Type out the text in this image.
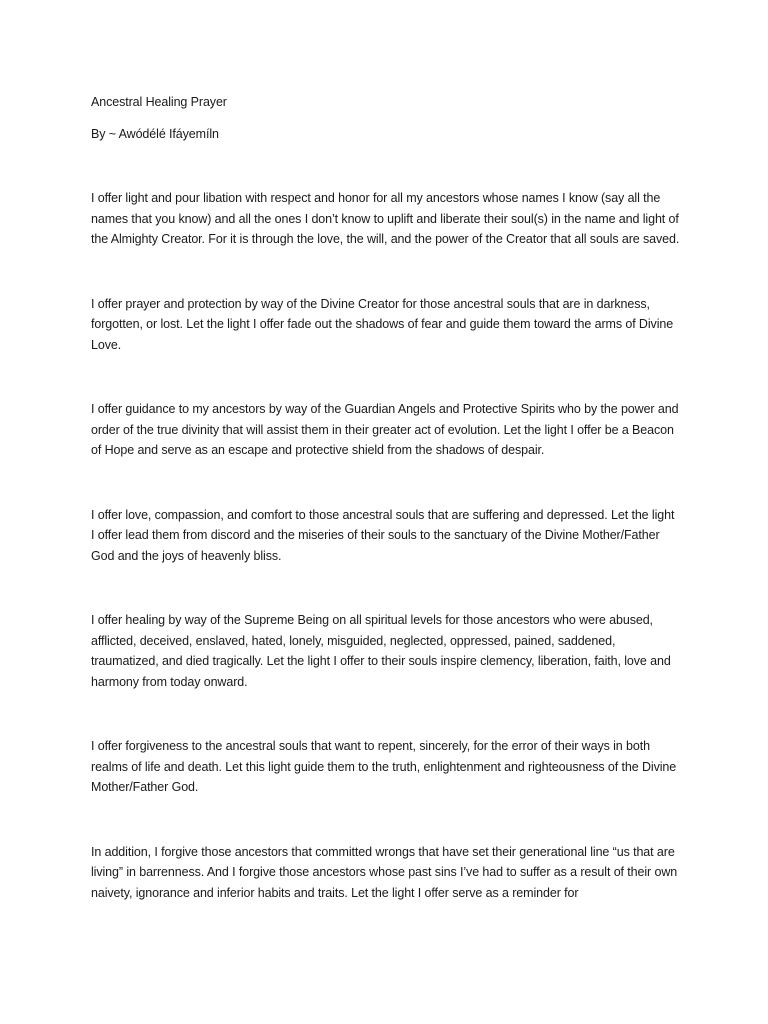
Ancestral Healing Prayer
By ~ Awódélé Ifáyemíln

I offer light and pour libation with respect and honor for all my ancestors whose names I know (say all the names that you know) and all the ones I don’t know to uplift and liberate their soul(s) in the name and light of the Almighty Creator. For it is through the love, the will, and the power of the Creator that all souls are saved.

I offer prayer and protection by way of the Divine Creator for those ancestral souls that are in darkness, forgotten, or lost. Let the light I offer fade out the shadows of fear and guide them toward the arms of Divine Love.

I offer guidance to my ancestors by way of the Guardian Angels and Protective Spirits who by the power and order of the true divinity that will assist them in their greater act of evolution. Let the light I offer be a Beacon of Hope and serve as an escape and protective shield from the shadows of despair.

I offer love, compassion, and comfort to those ancestral souls that are suffering and depressed. Let the light I offer lead them from discord and the miseries of their souls to the sanctuary of the Divine Mother/Father God and the joys of heavenly bliss.

I offer healing by way of the Supreme Being on all spiritual levels for those ancestors who were abused, afflicted, deceived, enslaved, hated, lonely, misguided, neglected, oppressed, pained, saddened, traumatized, and died tragically. Let the light I offer to their souls inspire clemency, liberation, faith, love and harmony from today onward.

I offer forgiveness to the ancestral souls that want to repent, sincerely, for the error of their ways in both realms of life and death. Let this light guide them to the truth, enlightenment and righteousness of the Divine Mother/Father God.

In addition, I forgive those ancestors that committed wrongs that have set their generational line “us that are living” in barrenness. And I forgive those ancestors whose past sins I’ve had to suffer as a result of their own naivety, ignorance and inferior habits and traits. Let the light I offer serve as a reminder for
